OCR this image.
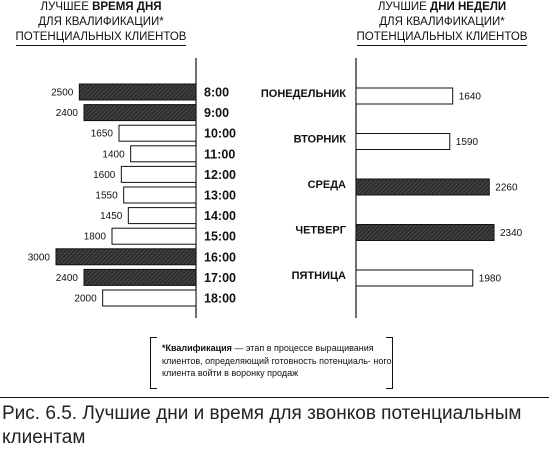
ЛУЧШЕЕ ВРЕМЯ ДНЯ
ДЛЯ КВАЛИФИКАЦИИ*
ПОТЕНЦИАЛЬНЫХ КЛИЕНТОВ
ЛУЧШИЕ ДНИ НЕДЕЛИ
ДЛЯ КВАЛИФИКАЦИИ*
ПОТЕНЦИАЛЬНЫХ КЛИЕНТОВ
2500	8:00
2400	9:00
1650	10:00
1400	11:00
1600	12:00
1550	13:00
1450	14:00
1800	15:00
3000	16:00
2400	17:00
2000	18:00
1640
ПОНЕДЕЛЬНИК
1590
ВТОРНИК
2260
СРЕДА
2340
ЧЕТВЕРГ
1980
ПЯТНИЦА
*Квалификация — этап в процессе выращивания клиентов, определяющий готовность потенциаль- ного клиента войти в воронку продаж
Рис. 6.5. Лучшие дни и время для звонков потенциальным клиентам
